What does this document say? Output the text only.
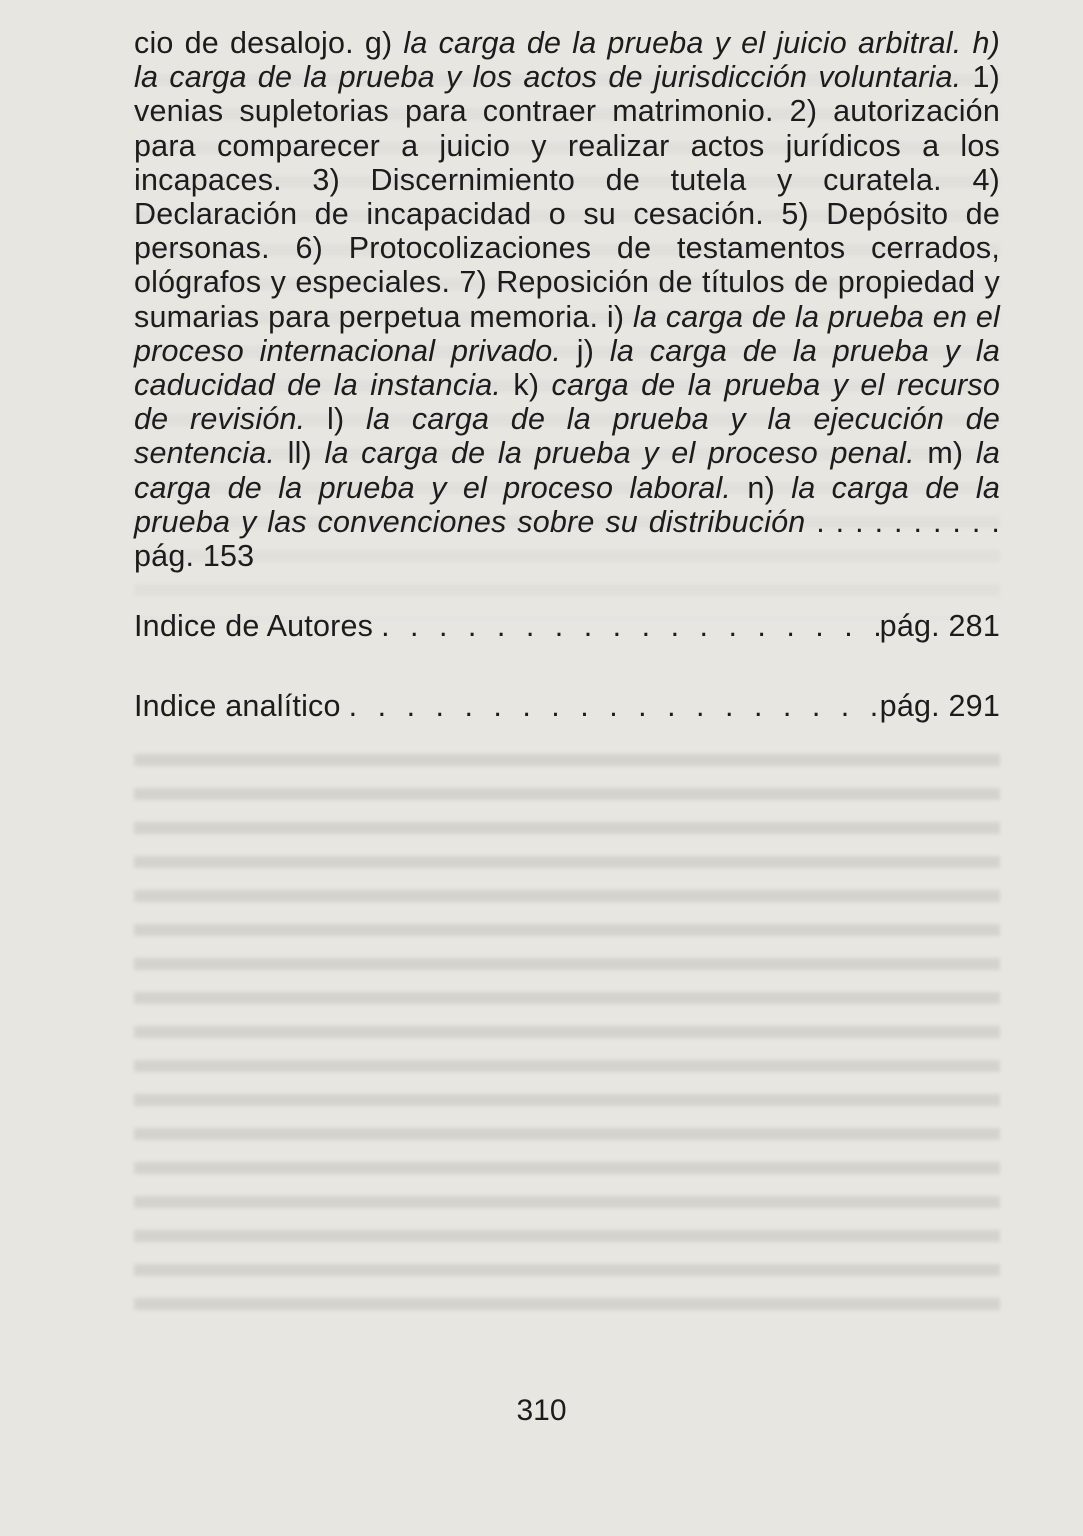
cio de desalojo. g) la carga de la prueba y el juicio arbitral. h) la carga de la prueba y los actos de jurisdicción voluntaria. 1) venias supletorias para contraer matrimonio. 2) autorización para comparecer a juicio y realizar actos jurídicos a los incapaces. 3) Discernimiento de tutela y curatela. 4) Declaración de incapacidad o su cesación. 5) Depósito de personas. 6) Protocolizaciones de testamentos cerrados, ológrafos y especiales. 7) Reposición de títulos de propiedad y sumarias para perpetua memoria. i) la carga de la prueba en el proceso internacional privado. j) la carga de la prueba y la caducidad de la instancia. k) carga de la prueba y el recurso de revisión. l) la carga de la prueba y la ejecución de sentencia. ll) la carga de la prueba y el proceso penal. m) la carga de la prueba y el proceso laboral. n) la carga de la prueba y las convenciones sobre su distribución . . . . . . . . . . pág. 153
Indice de Autores . . .	pág. 281
Indice analítico . . .	pág. 291
310
